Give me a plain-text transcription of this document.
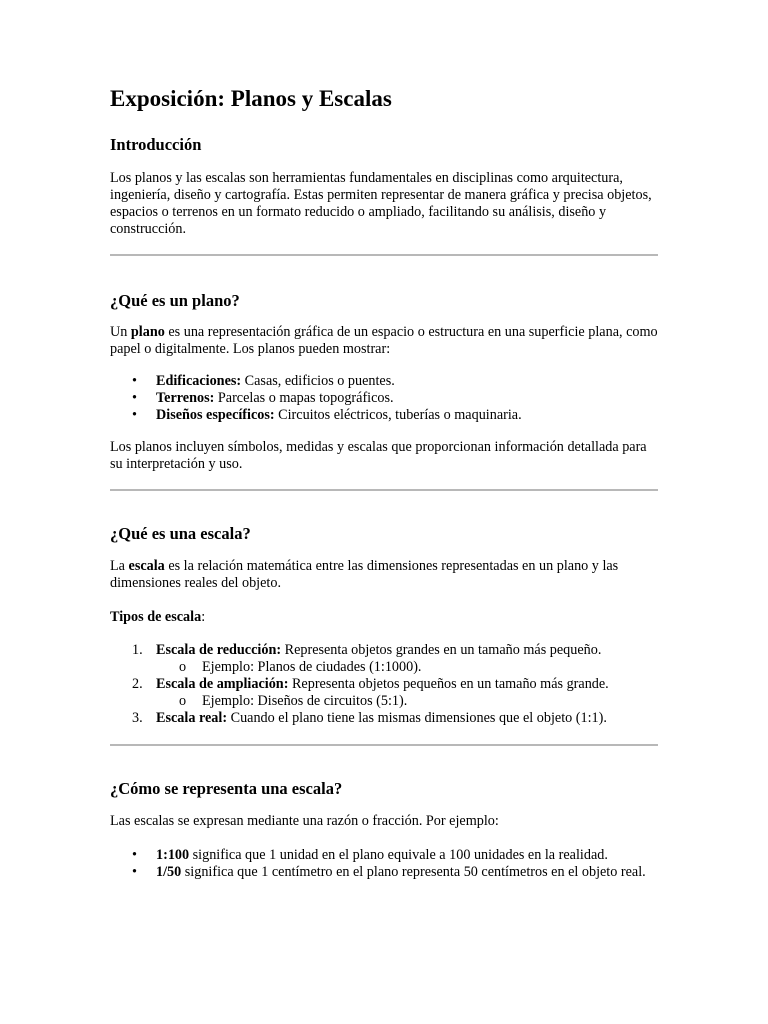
Exposición: Planos y Escalas
Introducción

Los planos y las escalas son herramientas fundamentales en disciplinas como arquitectura, ingeniería, diseño y cartografía. Estas permiten representar de manera gráfica y precisa objetos, espacios o terrenos en un formato reducido o ampliado, facilitando su análisis, diseño y construcción.

¿Qué es un plano?

Un plano es una representación gráfica de un espacio o estructura en una superficie plana, como papel o digitalmente. Los planos pueden mostrar:

• Edificaciones: Casas, edificios o puentes.
• Terrenos: Parcelas o mapas topográficos.
• Diseños específicos: Circuitos eléctricos, tuberías o maquinaria.

Los planos incluyen símbolos, medidas y escalas que proporcionan información detallada para su interpretación y uso.

¿Qué es una escala?

La escala es la relación matemática entre las dimensiones representadas en un plano y las dimensiones reales del objeto.

Tipos de escala:

1. Escala de reducción: Representa objetos grandes en un tamaño más pequeño.
o Ejemplo: Planos de ciudades (1:1000).
2. Escala de ampliación: Representa objetos pequeños en un tamaño más grande.
o Ejemplo: Diseños de circuitos (5:1).
3. Escala real: Cuando el plano tiene las mismas dimensiones que el objeto (1:1).
¿Cómo se representa una escala?

Las escalas se expresan mediante una razón o fracción. Por ejemplo:

• 1:100 significa que 1 unidad en el plano equivale a 100 unidades en la realidad.
• 1/50 significa que 1 centímetro en el plano representa 50 centímetros en el objeto real.
